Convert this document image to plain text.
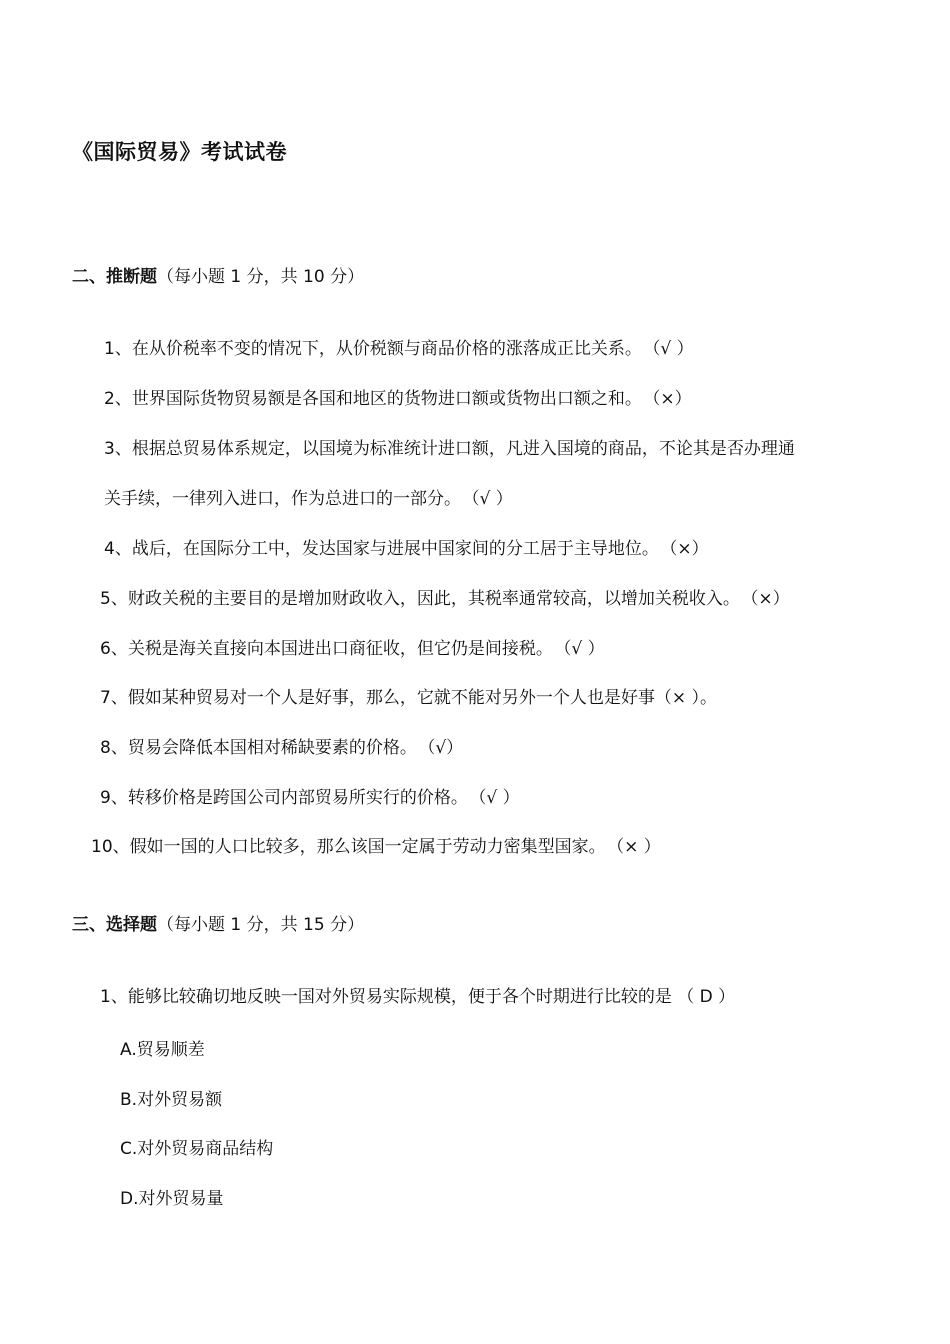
《国际贸易》考试试卷
二、推断题（每小题 1 分，共 10 分）
1、在从价税率不变的情况下，从价税额与商品价格的涨落成正比关系。 （√ ）
2、世界国际货物贸易额是各国和地区的货物进口额或货物出口额之和。 （×）
3、根据总贸易体系规定，以国境为标准统计进口额，凡进入国境的商品，不论其是否办理通
关手续，一律列入进口，作为总进口的一部分。 （√ ）
4、战后，在国际分工中，发达国家与进展中国家间的分工居于主导地位。 （×）
5、财政关税的主要目的是增加财政收入，因此，其税率通常较高，以增加关税收入。 （×）
6、关税是海关直接向本国进出口商征收，但它仍是间接税。 （√ ）
7、假如某种贸易对一个人是好事，那么，它就不能对另外一个人也是好事（× ）。
8、贸易会降低本国相对稀缺要素的价格。 （√）
9、转移价格是跨国公司内部贸易所实行的价格。 （√ ）
10、假如一国的人口比较多，那么该国一定属于劳动力密集型国家。 （× ）
三、选择题（每小题 1 分，共 15 分）
1、能够比较确切地反映一国对外贸易实际规模，便于各个时期进行比较的是 （ D ）
A.贸易顺差
B.对外贸易额
C.对外贸易商品结构
D.对外贸易量
